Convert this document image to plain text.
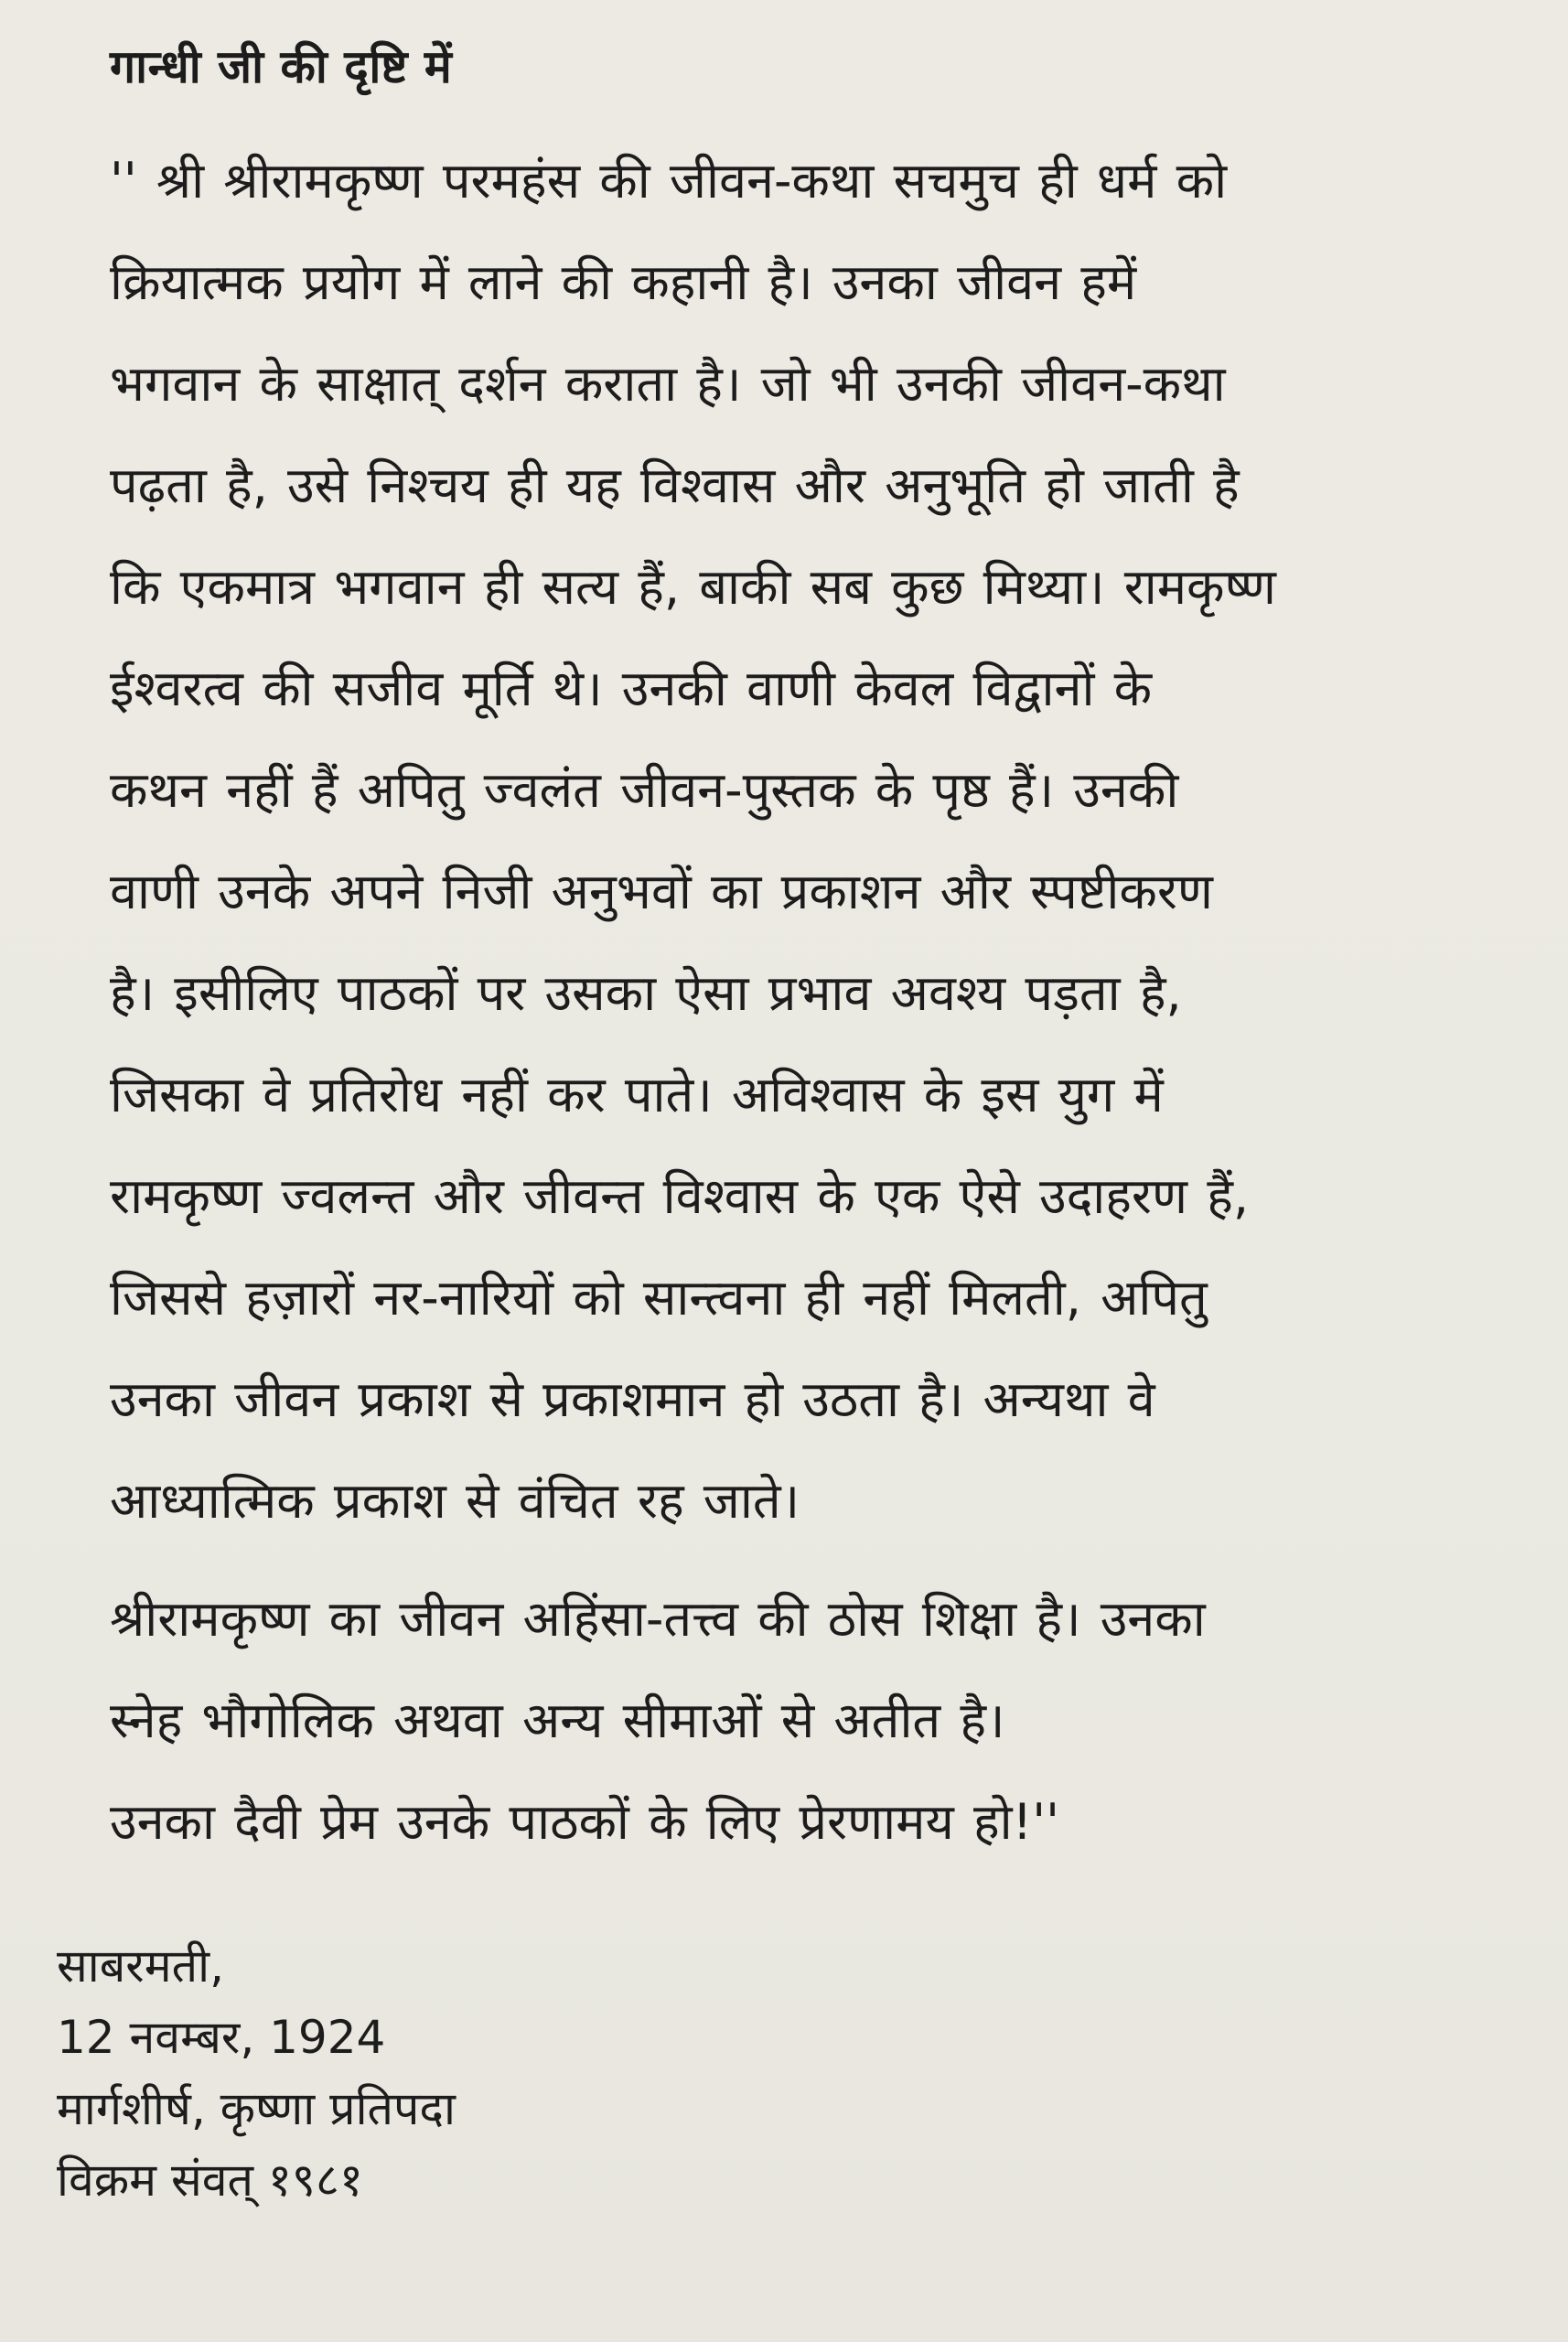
गान्धी जी की दृष्टि में
'' श्री श्रीरामकृष्ण परमहंस की जीवन-कथा सचमुच ही धर्म को
क्रियात्मक प्रयोग में लाने की कहानी है। उनका जीवन हमें
भगवान के साक्षात् दर्शन कराता है। जो भी उनकी जीवन-कथा
पढ़ता है, उसे निश्चय ही यह विश्वास और अनुभूति हो जाती है
कि एकमात्र भगवान ही सत्य हैं, बाकी सब कुछ मिथ्या। रामकृष्ण
ईश्वरत्व की सजीव मूर्ति थे। उनकी वाणी केवल विद्वानों के
कथन नहीं हैं अपितु ज्वलंत जीवन-पुस्तक के पृष्ठ हैं। उनकी
वाणी उनके अपने निजी अनुभवों का प्रकाशन और स्पष्टीकरण
है। इसीलिए पाठकों पर उसका ऐसा प्रभाव अवश्य पड़ता है,
जिसका वे प्रतिरोध नहीं कर पाते। अविश्वास के इस युग में
रामकृष्ण ज्वलन्त और जीवन्त विश्वास के एक ऐसे उदाहरण हैं,
जिससे हज़ारों नर-नारियों को सान्त्वना ही नहीं मिलती, अपितु
उनका जीवन प्रकाश से प्रकाशमान हो उठता है। अन्यथा वे
आध्यात्मिक प्रकाश से वंचित रह जाते।
श्रीरामकृष्ण का जीवन अहिंसा-तत्त्व की ठोस शिक्षा है। उनका
स्नेह भौगोलिक अथवा अन्य सीमाओं से अतीत है।
उनका दैवी प्रेम उनके पाठकों के लिए प्रेरणामय हो!''
साबरमती,
12 नवम्बर, 1924
मार्गशीर्ष, कृष्णा प्रतिपदा
विक्रम संवत् १९८१
